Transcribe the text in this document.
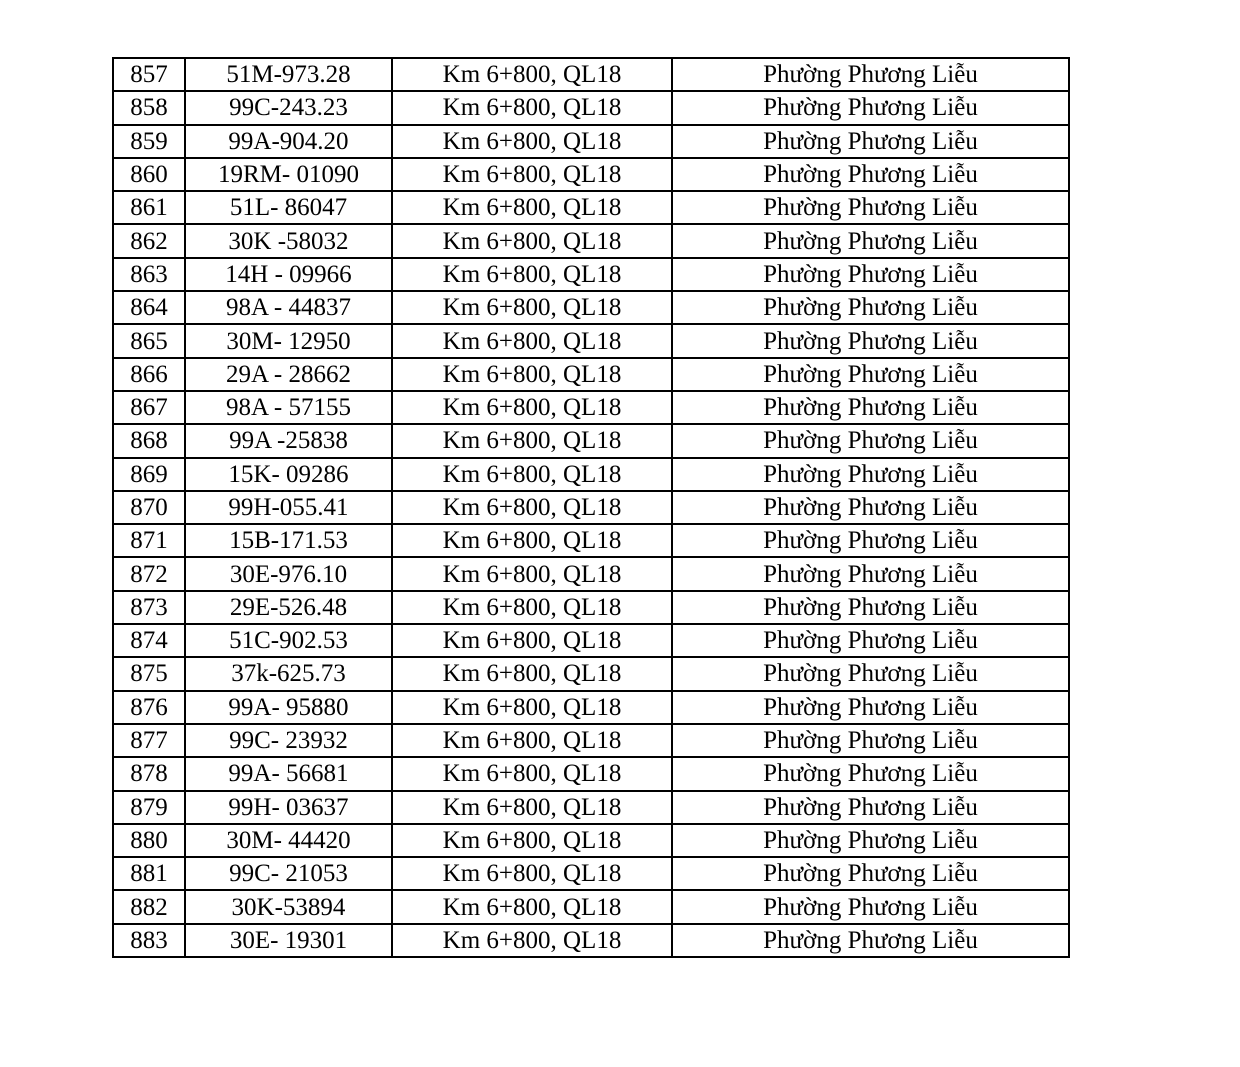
857	51M-973.28	Km 6+800, QL18	Phường Phương Liễu
858	99C-243.23	Km 6+800, QL18	Phường Phương Liễu
859	99A-904.20	Km 6+800, QL18	Phường Phương Liễu
860	19RM- 01090	Km 6+800, QL18	Phường Phương Liễu
861	51L- 86047	Km 6+800, QL18	Phường Phương Liễu
862	30K -58032	Km 6+800, QL18	Phường Phương Liễu
863	14H - 09966	Km 6+800, QL18	Phường Phương Liễu
864	98A - 44837	Km 6+800, QL18	Phường Phương Liễu
865	30M- 12950	Km 6+800, QL18	Phường Phương Liễu
866	29A - 28662	Km 6+800, QL18	Phường Phương Liễu
867	98A - 57155	Km 6+800, QL18	Phường Phương Liễu
868	99A -25838	Km 6+800, QL18	Phường Phương Liễu
869	15K- 09286	Km 6+800, QL18	Phường Phương Liễu
870	99H-055.41	Km 6+800, QL18	Phường Phương Liễu
871	15B-171.53	Km 6+800, QL18	Phường Phương Liễu
872	30E-976.10	Km 6+800, QL18	Phường Phương Liễu
873	29E-526.48	Km 6+800, QL18	Phường Phương Liễu
874	51C-902.53	Km 6+800, QL18	Phường Phương Liễu
875	37k-625.73	Km 6+800, QL18	Phường Phương Liễu
876	99A- 95880	Km 6+800, QL18	Phường Phương Liễu
877	99C- 23932	Km 6+800, QL18	Phường Phương Liễu
878	99A- 56681	Km 6+800, QL18	Phường Phương Liễu
879	99H- 03637	Km 6+800, QL18	Phường Phương Liễu
880	30M- 44420	Km 6+800, QL18	Phường Phương Liễu
881	99C- 21053	Km 6+800, QL18	Phường Phương Liễu
882	30K-53894	Km 6+800, QL18	Phường Phương Liễu
883	30E- 19301	Km 6+800, QL18	Phường Phương Liễu
